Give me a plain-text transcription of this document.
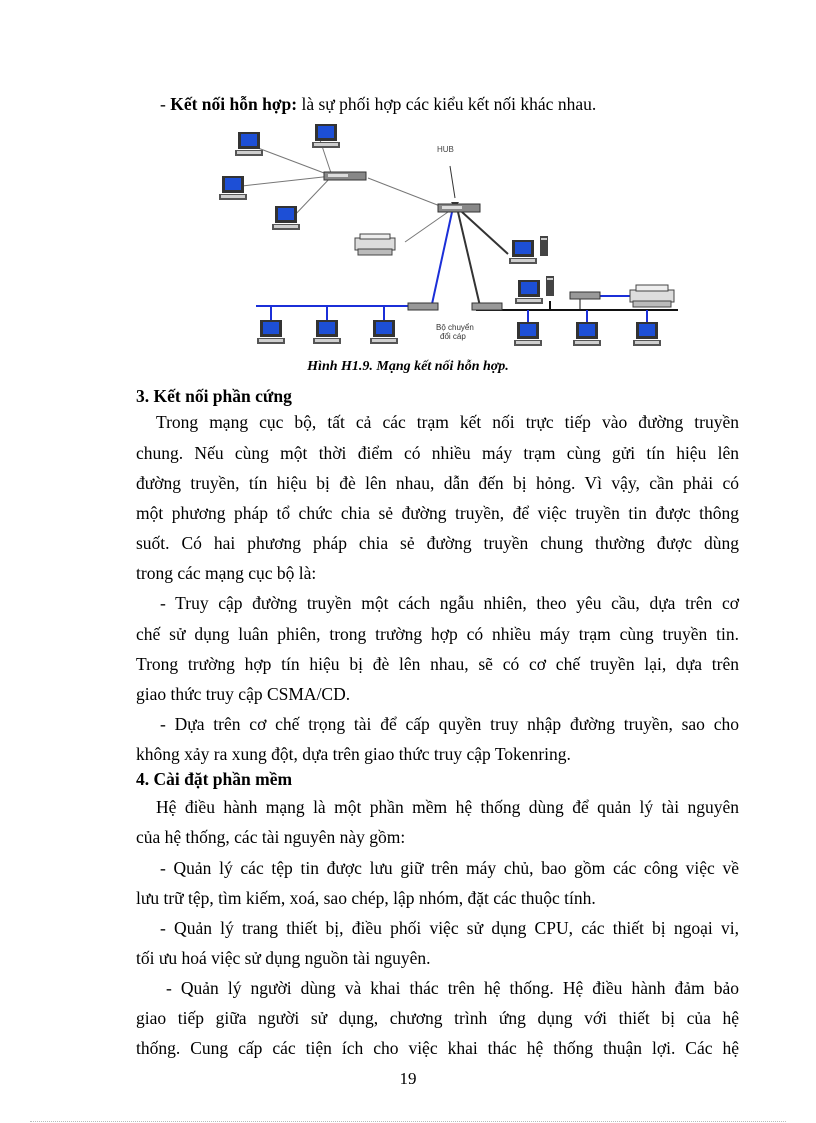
- Kết nối hỗn hợp: là sự phối hợp các kiểu kết nối khác nhau.
HUB
Bộ chuyển
đổi cáp
Hình H1.9. Mạng kết nối hỗn hợp.
3. Kết nối phần cứng
Trong mạng cục bộ, tất cả các trạm kết nối trực tiếp vào đường truyền
chung. Nếu cùng một thời điểm có nhiều máy trạm cùng gửi tín hiệu lên
đường truyền, tín hiệu bị đè lên nhau, dẫn đến bị hỏng. Vì vậy, cần phải có
một phương pháp tổ chức chia sẻ đường truyền, để việc truyền tin được thông
suốt. Có hai phương pháp chia sẻ đường truyền chung thường được dùng
trong các mạng cục bộ là:
- Truy cập đường truyền một cách ngẫu nhiên, theo yêu cầu, dựa trên cơ
chế sử dụng luân phiên, trong trường hợp có nhiều máy trạm cùng truyền tin.
Trong trường hợp tín hiệu bị đè lên nhau, sẽ có cơ chế truyền lại, dựa trên
giao thức truy cập CSMA/CD.
- Dựa trên cơ chế trọng tài để cấp quyền truy nhập đường truyền, sao cho
không xảy ra xung đột, dựa trên giao thức truy cập Tokenring.
4. Cài đặt phần mềm
Hệ điều hành mạng là một phần mềm hệ thống dùng để quản lý tài nguyên
của hệ thống, các tài nguyên này gồm:
- Quản lý các tệp tin được lưu giữ trên máy chủ, bao gồm các công việc về
lưu trữ tệp, tìm kiếm, xoá, sao chép, lập nhóm, đặt các thuộc tính.
- Quản lý trang thiết bị, điều phối việc sử dụng CPU, các thiết bị ngoại vi,
tối ưu hoá việc sử dụng nguồn tài nguyên.
- Quản lý người dùng và khai thác trên hệ thống. Hệ điều hành đảm bảo
giao tiếp giữa người sử dụng, chương trình ứng dụng với thiết bị của hệ
thống. Cung cấp các tiện ích cho việc khai thác hệ thống thuận lợi. Các hệ
19
